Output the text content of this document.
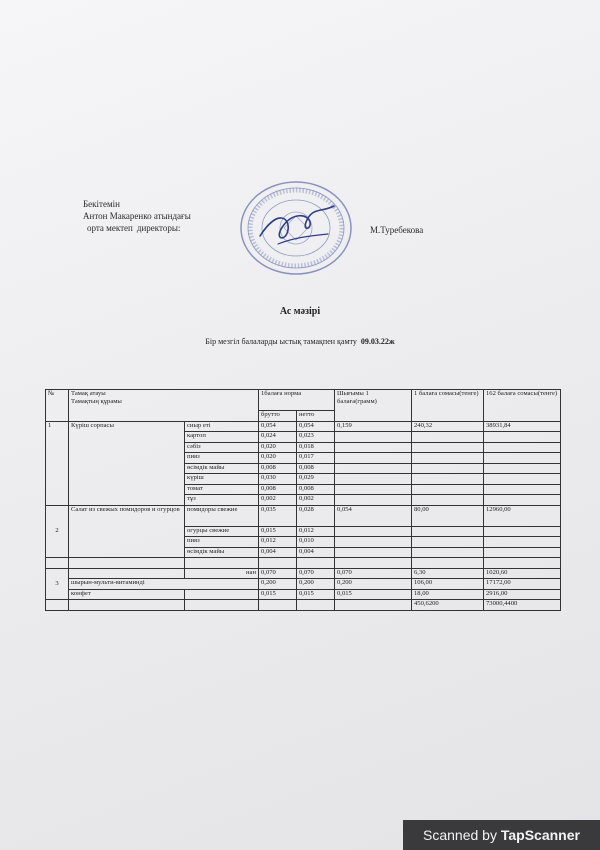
Бекітемін
Антон Макаренко атындағы
орта мектеп директоры:	М.Туребекова
Ас мәзірі
Бір мезгіл балаларды ыстық тамақпен қамту 09.03.22ж
№	Тамақ атауы
Тамақтың құрамы		1балаға норма		Шығымы 1 балаға(грамм)	1 балаға сомасы(тенге)	162 балаға сомасы(тенге)
			брутто	нетто			
1	Күріш сорпасы	сиыр еті	0,054	0,054	0,159	240,32	38931,84
		картоп	0,024	0,023			
		сәбіз	0,020	0,018			
		пияз	0,020	0,017			
		өсімдік майы	0,008	0,008			
		күріш	0,030	0,029			
		томат	0,008	0,008			
		тұз	0,002	0,002			
2	Салат из свежых помидоров и огурцов	помидоры свежие	0,035	0,028	0,054	80,00	12960,00
		огурцы свежие	0,015	0,012			
		пияз	0,012	0,010			
		өсімдік майы	0,004	0,004			

3		нан	0,070	0,070	0,070	6,30	1020,60
	шырын-мульти-витаминді		0,200	0,200	0,200	106,00	17172,00
	конфет		0,015	0,015	0,015	18,00	2916,00
						450,6200	73000,4400
Scanned by TapScanner
